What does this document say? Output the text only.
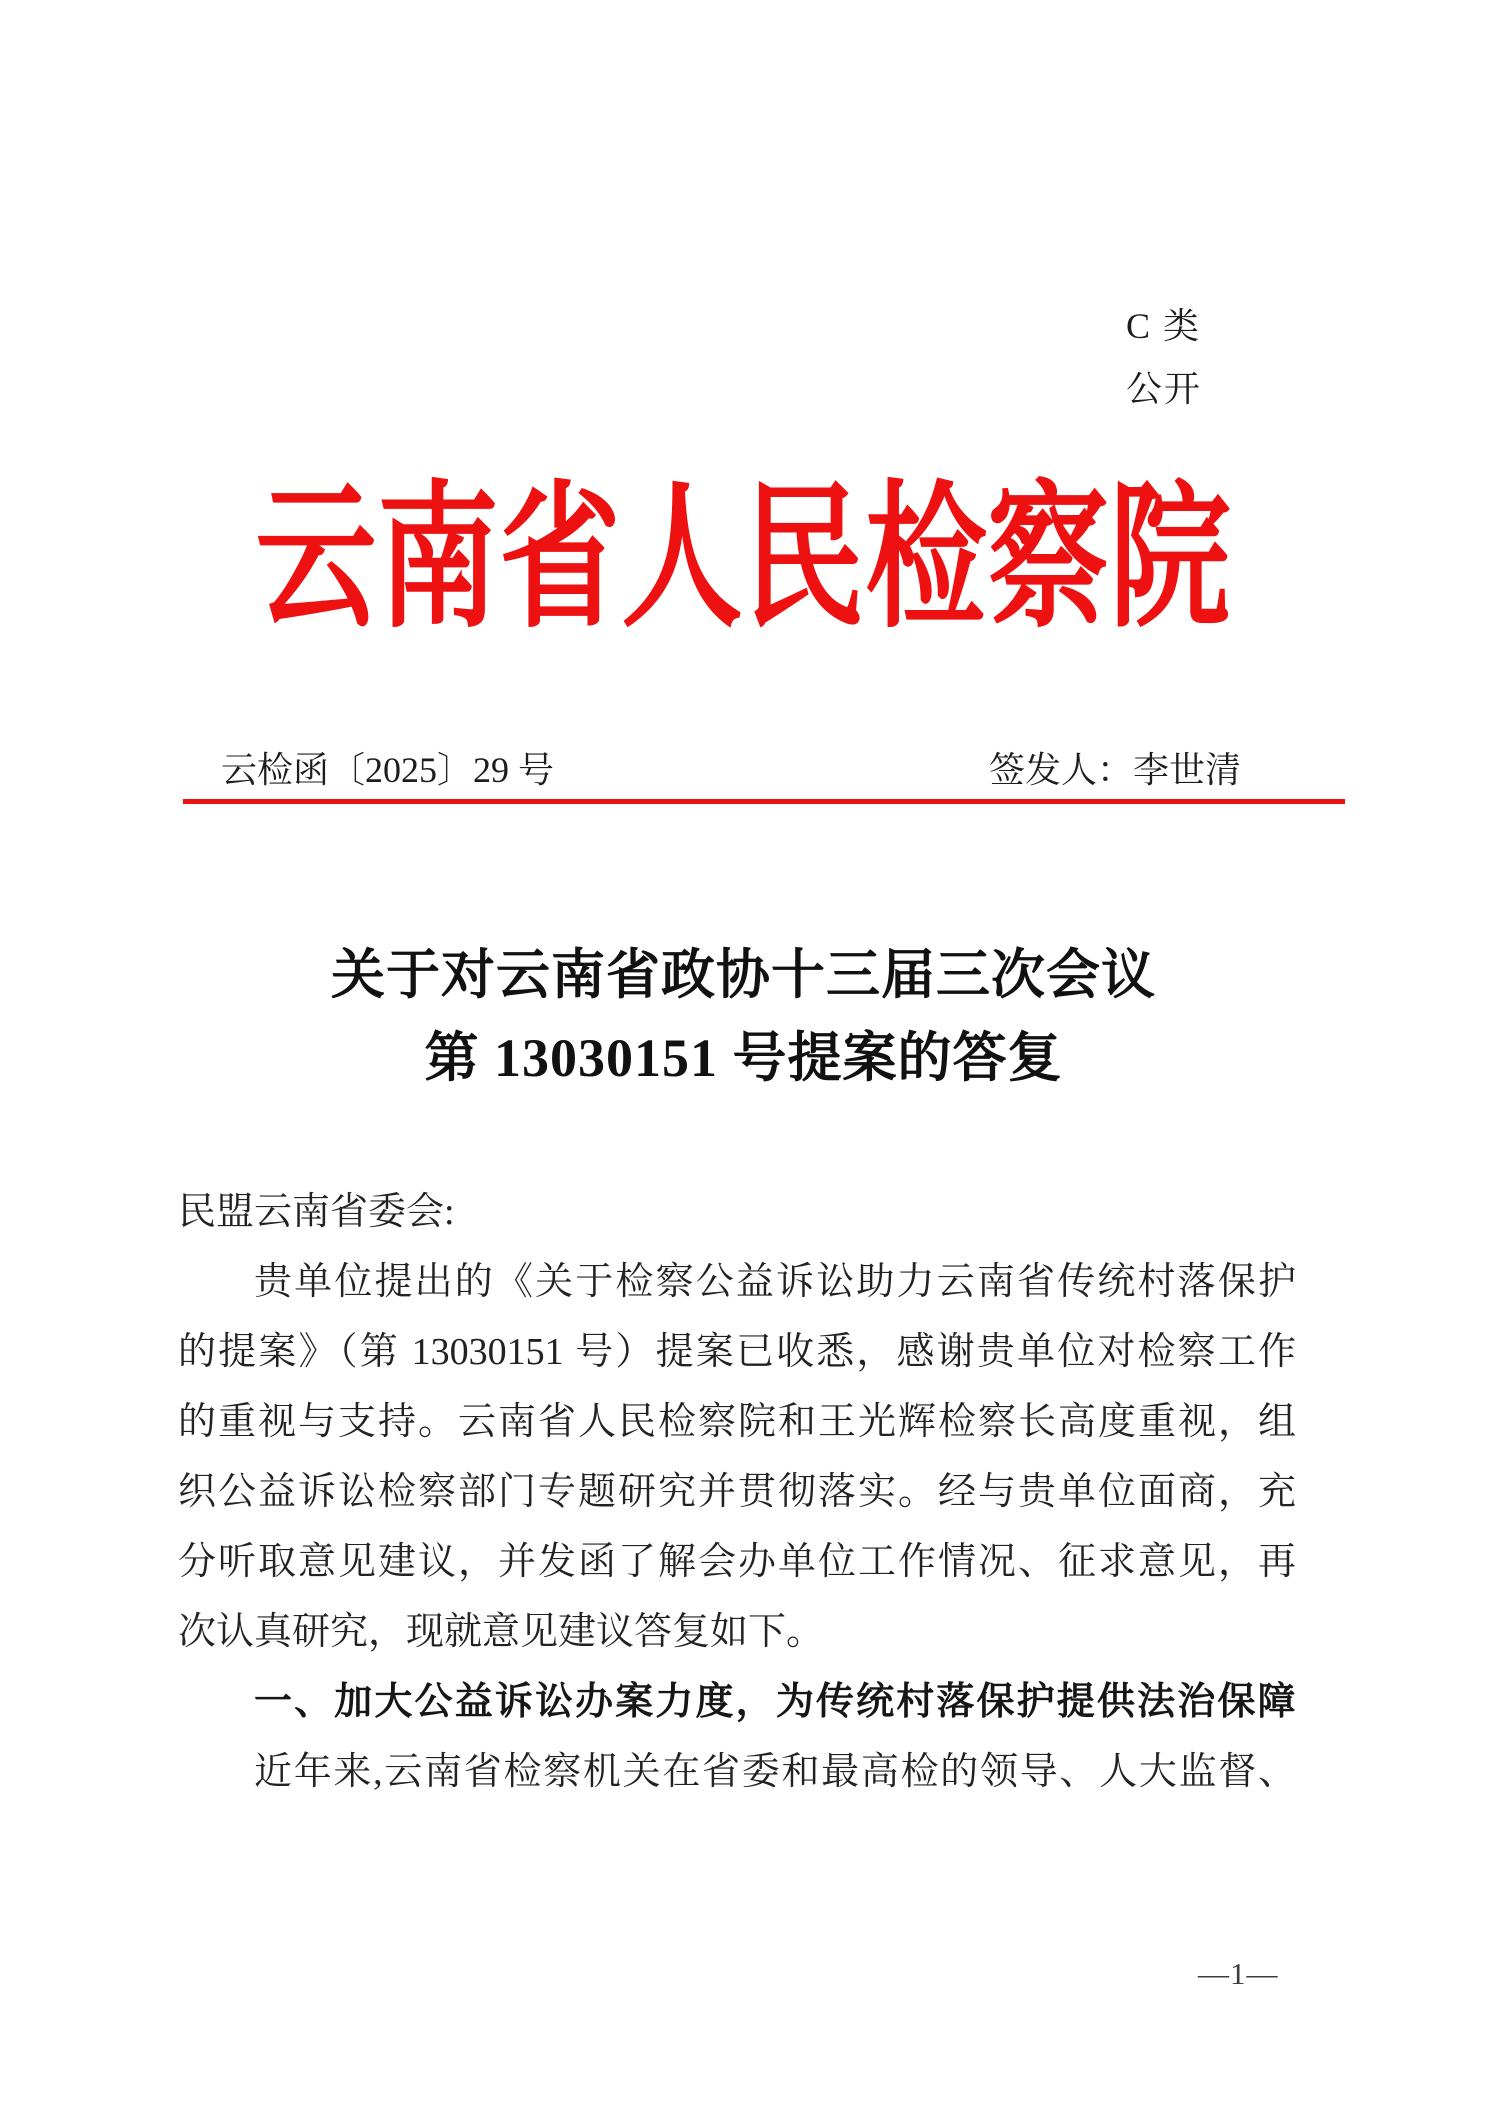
C 类
公开
云南省人民检察院
云检函〔2025〕29 号	签发人：李世清
关于对云南省政协十三届三次会议
第 13030151 号提案的答复
民盟云南省委会:
贵单位提出的《关于检察公益诉讼助力云南省传统村落保护
的提案》（第 13030151 号）提案已收悉，感谢贵单位对检察工作
的重视与支持。云南省人民检察院和王光辉检察长高度重视，组
织公益诉讼检察部门专题研究并贯彻落实。经与贵单位面商，充
分听取意见建议，并发函了解会办单位工作情况、征求意见，再
次认真研究，现就意见建议答复如下。
一、加大公益诉讼办案力度，为传统村落保护提供法治保障
近年来,云南省检察机关在省委和最高检的领导、人大监督、
—1—
